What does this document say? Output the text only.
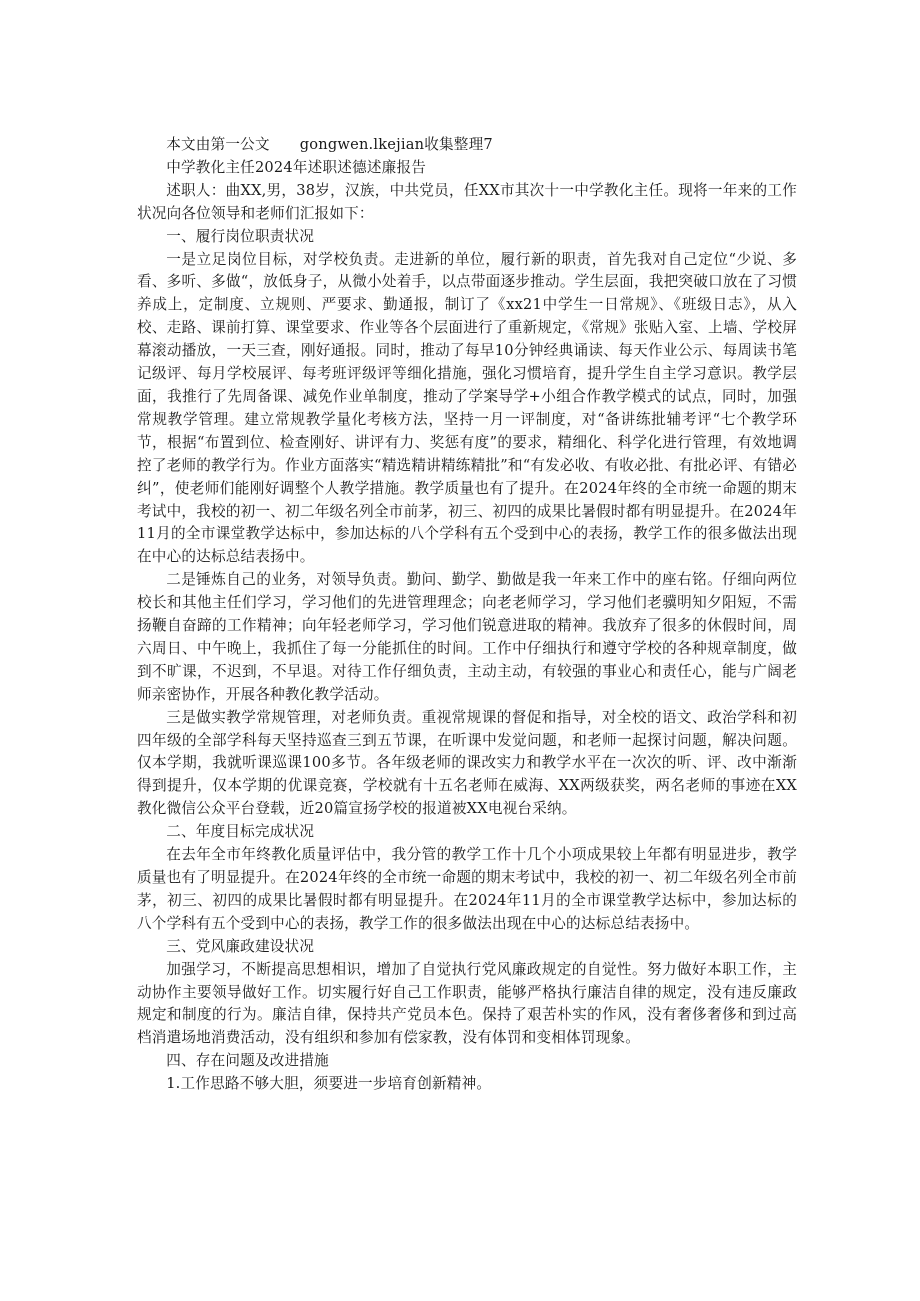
本文由第一公文 gongwen.lkejian收集整理7

中学教化主任2024年述职述德述廉报告

述职人：曲XX,男，38岁，汉族，中共党员，任XX市其次十一中学教化主任。现将一年来的工作状况向各位领导和老师们汇报如下：

一、履行岗位职责状况

一是立足岗位目标，对学校负责。走进新的单位，履行新的职责，首先我对自己定位“少说、多看、多听、多做“，放低身子，从微小处着手，以点带面逐步推动。学生层面，我把突破口放在了习惯养成上，定制度、立规则、严要求、勤通报，制订了《xx21中学生一日常规》、《班级日志》，从入校、走路、课前打算、课堂要求、作业等各个层面进行了重新规定，《常规》张贴入室、上墙、学校屏幕滚动播放，一天三查，刚好通报。同时，推动了每早10分钟经典诵读、每天作业公示、每周读书笔记级评、每月学校展评、每考班评级评等细化措施，强化习惯培育，提升学生自主学习意识。教学层面，我推行了先周备课、减免作业单制度，推动了学案导学+小组合作教学模式的试点，同时，加强常规教学管理。建立常规教学量化考核方法，坚持一月一评制度，对“备讲练批辅考评“七个教学环节，根据“布置到位、检查刚好、讲评有力、奖惩有度”的要求，精细化、科学化进行管理，有效地调控了老师的教学行为。作业方面落实“精选精讲精练精批”和“有发必收、有收必批、有批必评、有错必纠”，使老师们能刚好调整个人教学措施。教学质量也有了提升。在2024年终的全市统一命题的期末考试中，我校的初一、初二年级名列全市前茅，初三、初四的成果比暑假时都有明显提升。在2024年11月的全市课堂教学达标中，参加达标的八个学科有五个受到中心的表扬，教学工作的很多做法出现在中心的达标总结表扬中。

二是锤炼自己的业务，对领导负责。勤问、勤学、勤做是我一年来工作中的座右铭。仔细向两位校长和其他主任们学习，学习他们的先进管理理念；向老老师学习，学习他们老骥明知夕阳短，不需扬鞭自奋蹄的工作精神；向年轻老师学习，学习他们锐意进取的精神。我放弃了很多的休假时间，周六周日、中午晚上，我抓住了每一分能抓住的时间。工作中仔细执行和遵守学校的各种规章制度，做到不旷课，不迟到，不早退。对待工作仔细负责，主动主动，有较强的事业心和责任心，能与广阔老师亲密协作，开展各种教化教学活动。

三是做实教学常规管理，对老师负责。重视常规课的督促和指导，对全校的语文、政治学科和初四年级的全部学科每天坚持巡查三到五节课，在听课中发觉问题，和老师一起探讨问题，解决问题。仅本学期，我就听课巡课100多节。各年级老师的课改实力和教学水平在一次次的听、评、改中渐渐得到提升，仅本学期的优课竞赛，学校就有十五名老师在威海、XX两级获奖，两名老师的事迹在XX教化微信公众平台登载，近20篇宣扬学校的报道被XX电视台采纳。

二、年度目标完成状况

在去年全市年终教化质量评估中，我分管的教学工作十几个小项成果较上年都有明显进步，教学质量也有了明显提升。在2024年终的全市统一命题的期末考试中，我校的初一、初二年级名列全市前茅，初三、初四的成果比暑假时都有明显提升。在2024年11月的全市课堂教学达标中，参加达标的八个学科有五个受到中心的表扬，教学工作的很多做法出现在中心的达标总结表扬中。

三、党风廉政建设状况

加强学习，不断提高思想相识，增加了自觉执行党风廉政规定的自觉性。努力做好本职工作，主动协作主要领导做好工作。切实履行好自己工作职责，能够严格执行廉洁自律的规定，没有违反廉政规定和制度的行为。廉洁自律，保持共产党员本色。保持了艰苦朴实的作风，没有奢侈奢侈和到过高档消遣场地消费活动，没有组织和参加有偿家教，没有体罚和变相体罚现象。

四、存在问题及改进措施

1.工作思路不够大胆，须要进一步培育创新精神。
